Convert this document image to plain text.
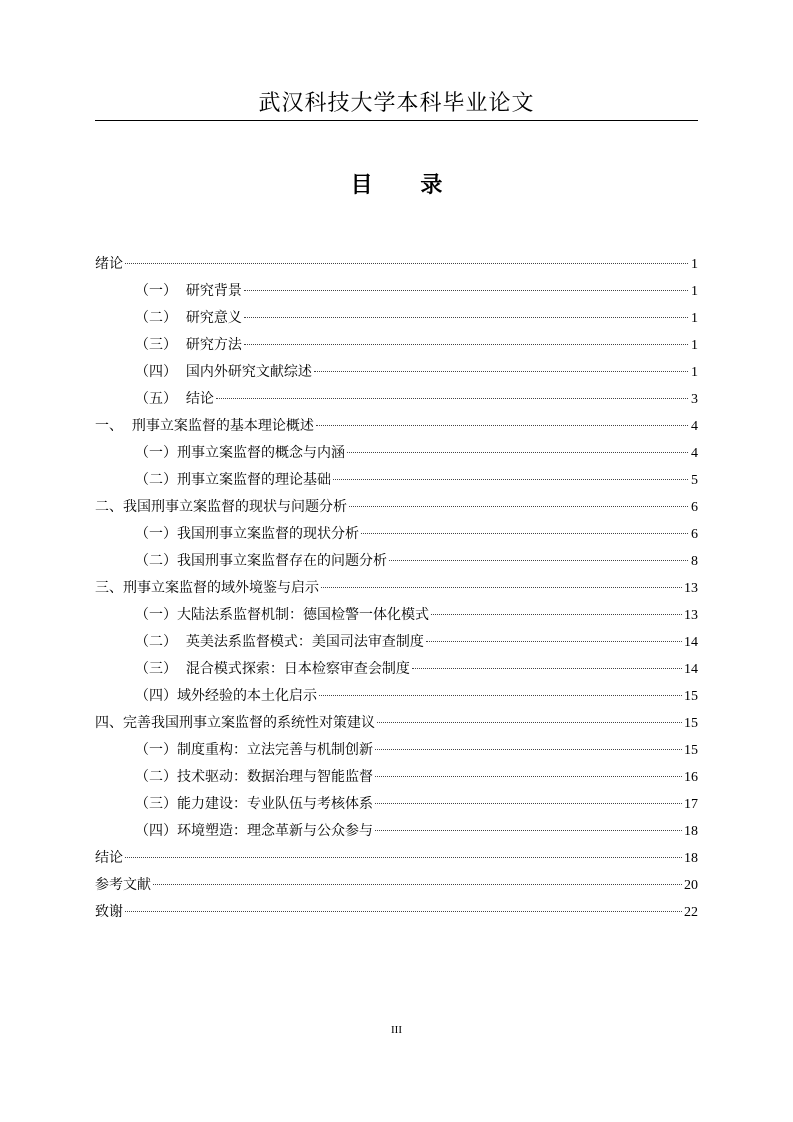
武汉科技大学本科毕业论文
目 录
绪论	1
（一）  研究背景	1
（二）  研究意义	1
（三）  研究方法	1
（四）  国内外研究文献综述	1
（五）  结论	3
一、  刑事立案监督的基本理论概述	4
（一）刑事立案监督的概念与内涵	4
（二）刑事立案监督的理论基础	5
二、我国刑事立案监督的现状与问题分析	6
（一）我国刑事立案监督的现状分析	6
（二）我国刑事立案监督存在的问题分析	8
三、刑事立案监督的域外境鉴与启示	13
（一）大陆法系监督机制：德国检警一体化模式	13
（二）  英美法系监督模式：美国司法审查制度	14
（三）  混合模式探索：日本检察审查会制度	14
（四）域外经验的本土化启示	15
四、完善我国刑事立案监督的系统性对策建议	15
（一）制度重构：立法完善与机制创新	15
（二）技术驱动：数据治理与智能监督	16
（三）能力建设：专业队伍与考核体系	17
（四）环境塑造：理念革新与公众参与	18
结论	18
参考文献	20
致谢	22
III
